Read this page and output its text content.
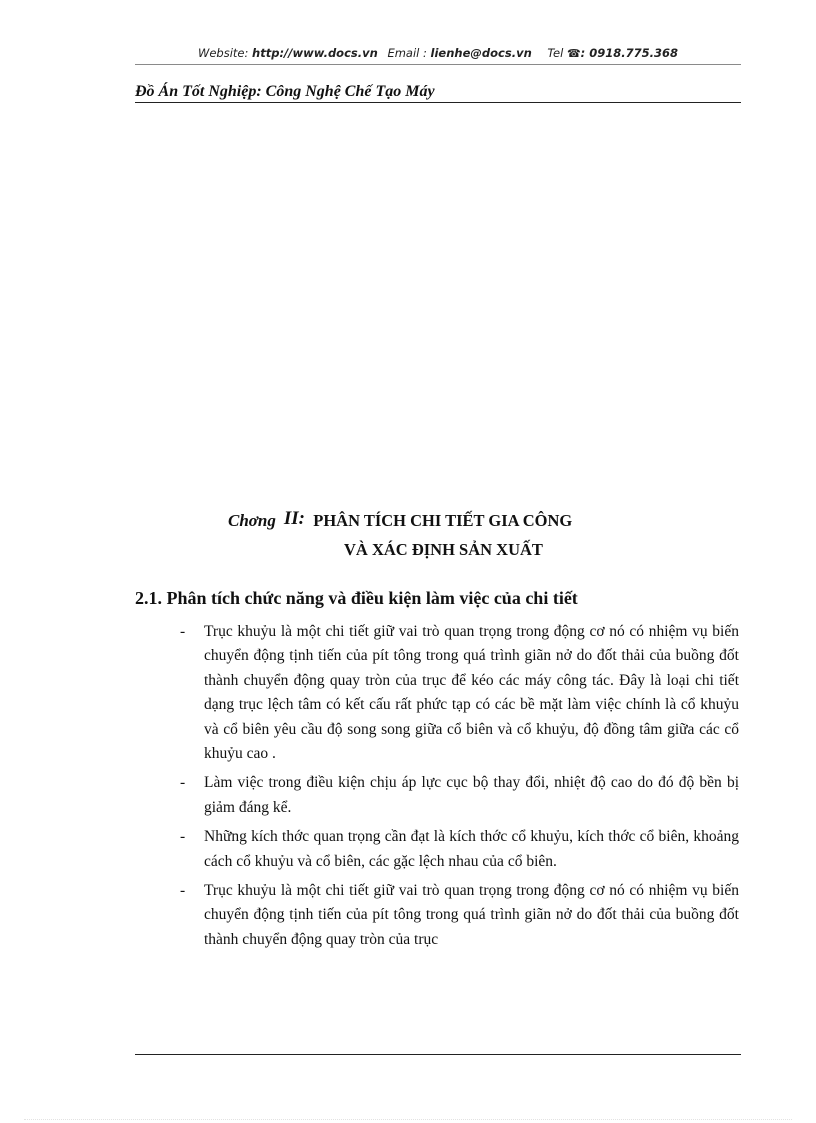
Website: http://www.docs.vn Email : lienhe@docs.vn Tel ☎: 0918.775.368
Đồ Án Tốt Nghiệp: Công Nghệ Chế Tạo Máy
Chơng II: PHÂN TÍCH CHI TIẾT GIA CÔNG
VÀ XÁC ĐỊNH SẢN XUẤT
2.1. Phân tích chức năng và điều kiện làm việc của chi tiết
- Trục khuỷu là một chi tiết giữ vai trò quan trọng trong động cơ nó có nhiệm vụ biến chuyển động tịnh tiến của pít tông trong quá trình giãn nở do đốt thải của buồng đốt thành chuyển động quay tròn của trục để kéo các máy công tác. Đây là loại chi tiết dạng trục lệch tâm có kết cấu rất phức tạp có các bề mặt làm việc chính là cổ khuỷu và cổ biên yêu cầu độ song song giữa cổ biên và cổ khuỷu, độ đồng tâm giữa các cổ khuỷu cao .
- Làm việc trong điều kiện chịu áp lực cục bộ thay đổi, nhiệt độ cao do đó độ bền bị giảm đáng kể.
- Những kích thớc quan trọng cần đạt là kích thớc cổ khuỷu, kích thớc cổ biên, khoảng cách cổ khuỷu và cổ biên, các gặc lệch nhau của cổ biên.
- Trục khuỷu là một chi tiết giữ vai trò quan trọng trong động cơ nó có nhiệm vụ biến chuyển động tịnh tiến của pít tông trong quá trình giãn nở do đốt thải của buồng đốt thành chuyển động quay tròn của trục
